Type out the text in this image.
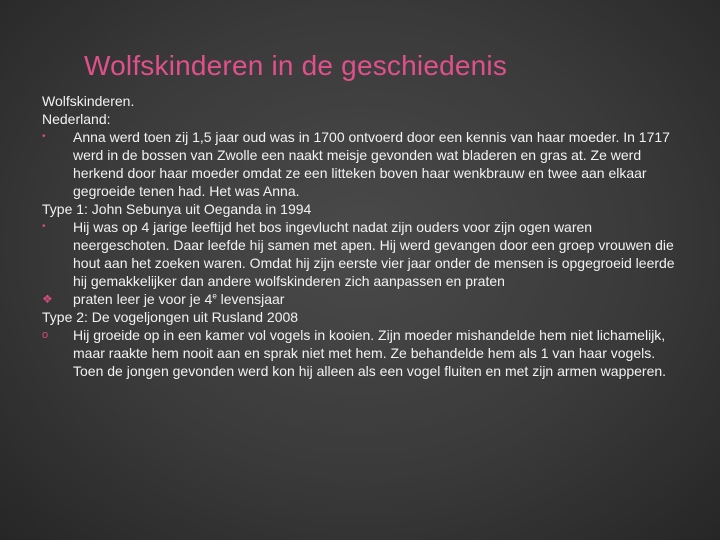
Wolfskinderen in de geschiedenis

Wolfskinderen.

Nederland:

•	Anna werd toen zij 1,5 jaar oud was in 1700 ontvoerd door een kennis van haar moeder. In 1717 werd in de bossen van Zwolle een naakt meisje gevonden wat bladeren en gras at. Ze werd herkend door haar moeder omdat ze een litteken boven haar wenkbrauw en twee aan elkaar gegroeide tenen had. Het was Anna.

Type 1: John Sebunya uit Oeganda in 1994

•	Hij was op 4 jarige leeftijd het bos ingevlucht nadat zijn ouders voor zijn ogen waren neergeschoten. Daar leefde hij samen met apen. Hij werd gevangen door een groep vrouwen die hout aan het zoeken waren. Omdat hij zijn eerste vier jaar onder de mensen is opgegroeid leerde hij gemakkelijker dan andere wolfskinderen zich aanpassen en praten
❖ praten leer je voor je 4e levensjaar

Type 2: De vogeljongen uit Rusland 2008

o	Hij groeide op in een kamer vol vogels in kooien. Zijn moeder mishandelde hem niet lichamelijk, maar raakte hem nooit aan en sprak niet met hem. Ze behandelde hem als 1 van haar vogels. Toen de jongen gevonden werd kon hij alleen als een vogel fluiten en met zijn armen wapperen.
